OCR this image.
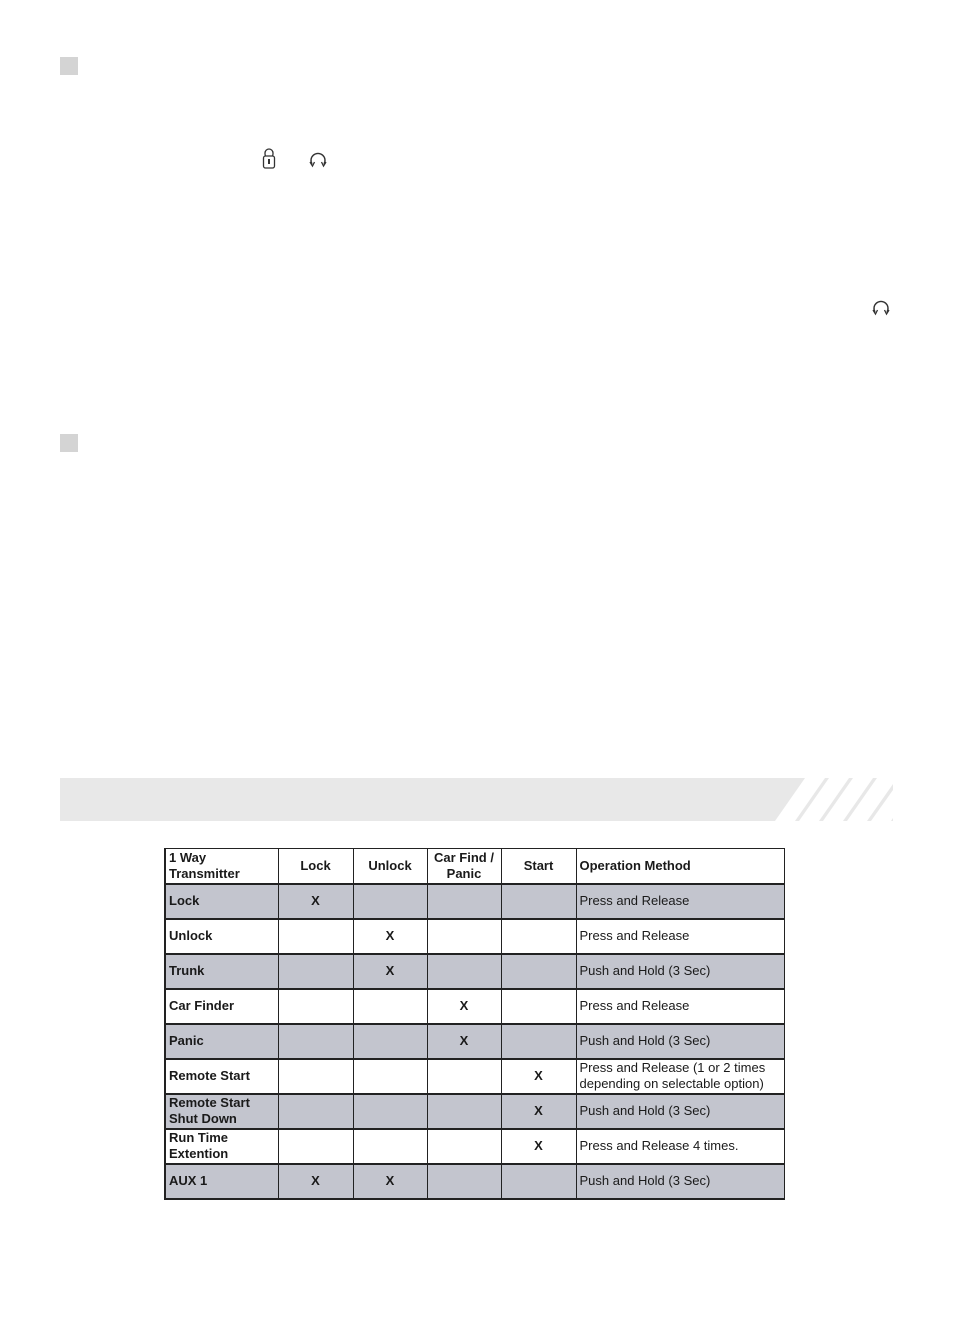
1 Way Transmitter	Lock	Unlock	Car Find / Panic	Start	Operation Method
Lock	X				Press and Release
Unlock		X			Press and Release
Trunk		X			Push and Hold (3 Sec)
Car Finder			X		Press and Release
Panic			X		Push and Hold (3 Sec)
Remote Start				X	Press and Release (1 or 2 times depending on selectable option)
Remote Start Shut Down				X	Push and Hold (3 Sec)
Run Time Extention				X	Press and Release 4 times.
AUX 1	X	X			Push and Hold (3 Sec)
